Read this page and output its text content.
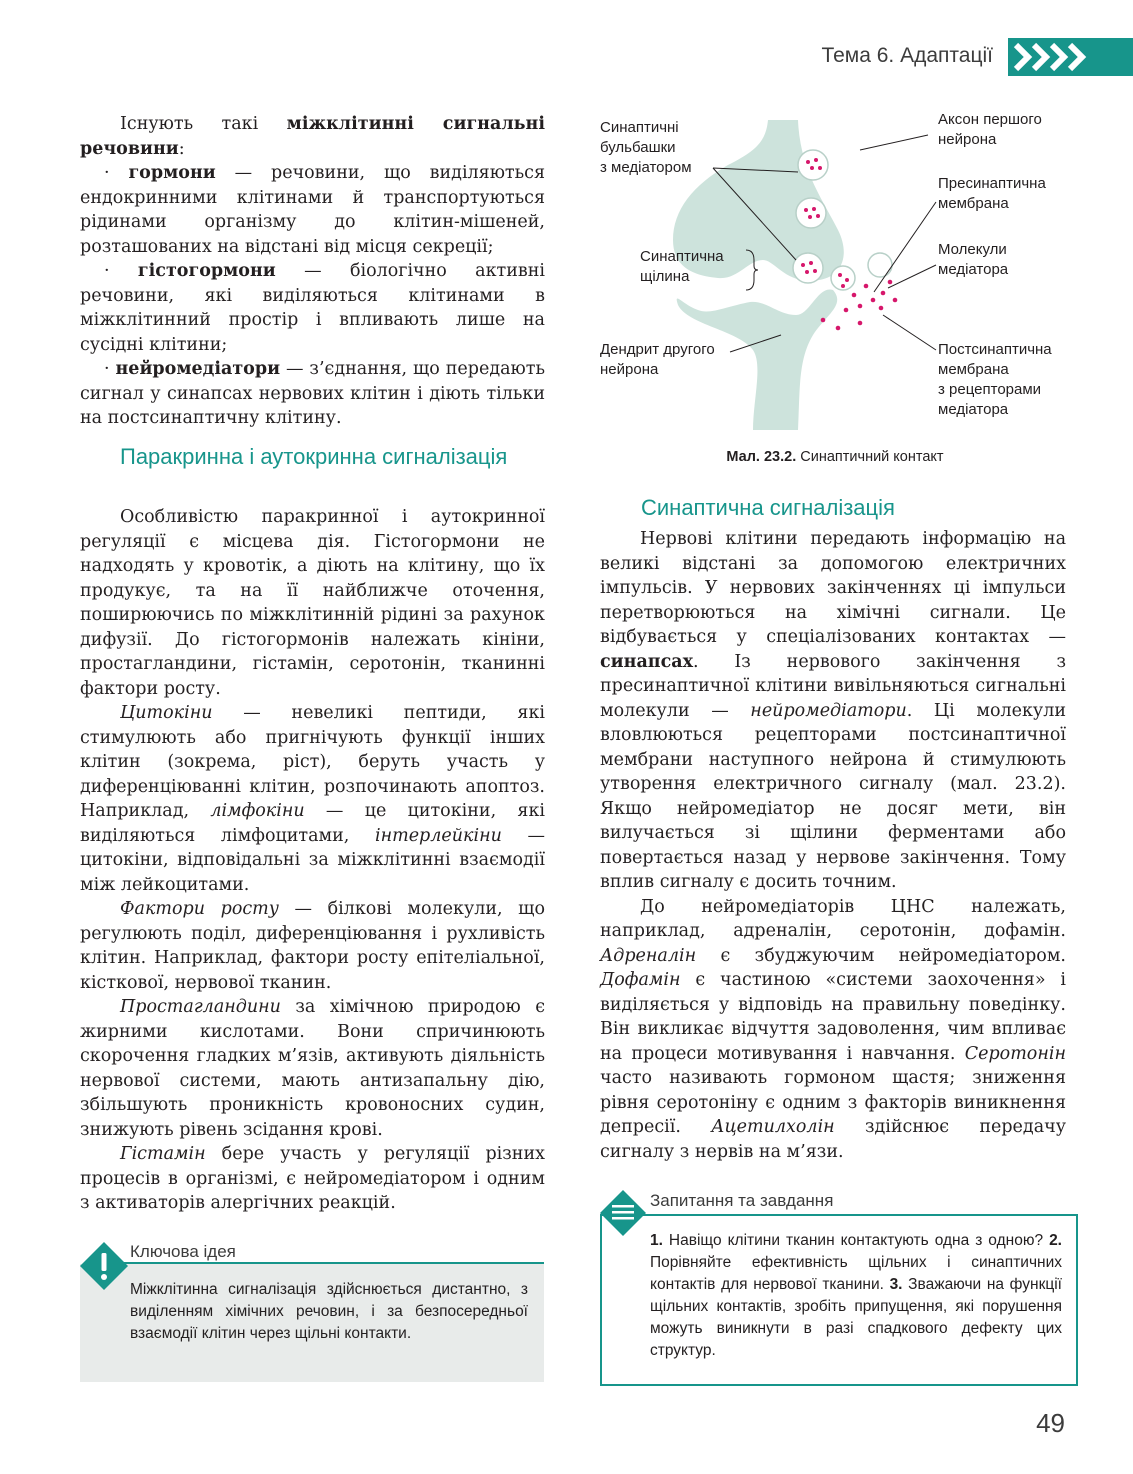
Тема 6. Адаптації

Існують такі міжклітинні сигнальні речовини:

· гормони — речовини, що виділяються ендокринними клітинами й транспортуються рідинами організму до клітин-мішеней, розташованих на відстані від місця секреції;

· гістогормони — біологічно активні речовини, які виділяються клітинами в міжклітинний простір і впливають лише на сусідні клітини;

· нейромедіатори — з’єднання, що передають сигнал у синапсах нервових клітин і діють тільки на постсинаптичну клітину.

Паракринна і аутокринна сигналізація

Особливістю паракринної і аутокринної регуляції є місцева дія. Гістогормони не надходять у кровотік, а діють на клітину, що їх продукує, та на її найближче оточення, поширюючись по міжклітинній рідині за рахунок дифузії. До гістогормонів належать кініни, простагландини, гістамін, серотонін, тканинні фактори росту.

Цитокіни — невеликі пептиди, які стимулюють або пригнічують функції інших клітин (зокрема, ріст), беруть участь у диференціюванні клітин, розпочинають апоптоз. Наприклад, лімфокіни — це цитокіни, які виділяються лімфоцитами, інтерлейкіни — цитокіни, відповідальні за міжклітинні взаємодії між лейкоцитами.

Фактори росту — білкові молекули, що регулюють поділ, диференціювання і рухливість клітин. Наприклад, фактори росту епітеліальної, кісткової, нервової тканин.

Простагландини за хімічною природою є жирними кислотами. Вони спричинюють скорочення гладких м’язів, активують діяльність нервової системи, мають антизапальну дію, збільшують проникність кровоносних судин, знижують рівень зсідання крові.

Гістамін бере участь у регуляції різних процесів в організмі, є нейромедіатором і одним з активаторів алергічних реакцій.

Синаптичні
бульбашки
з медіатором
Синаптична
щілина
Дендрит другого
нейрона
Аксон першого
нейрона
Пресинаптична
мембрана
Молекули
медіатора
Постсинаптична
мембрана
з рецепторами
медіатора
Мал. 23.2. Синаптичний контакт
Синаптична сигналізація

Нервові клітини передають інформацію на великі відстані за допомогою електричних імпульсів. У нервових закінченнях ці імпульси перетворюються на хімічні сигнали. Це відбувається у спеціалізованих контактах — синапсах. Із нервового закінчення з пресинаптичної клітини вивільняються сигнальні молекули — нейромедіатори. Ці молекули вловлюються рецепторами постсинаптичної мембрани наступного нейрона й стимулюють утворення електричного сигналу (мал. 23.2). Якщо нейромедіатор не досяг мети, він вилучається зі щілини ферментами або повертається назад у нервове закінчення. Тому вплив сигналу є досить точним.

До нейромедіаторів ЦНС належать, наприклад, адреналін, серотонін, дофамін. Адреналін є збуджуючим нейромедіатором. Дофамін є частиною «системи заохочення» і виділяється у відповідь на правильну поведінку. Він викликає відчуття задоволення, чим впливає на процеси мотивування і навчання. Серотонін часто називають гормоном щастя; зниження рівня серотоніну є одним з факторів виникнення депресії. Ацетилхолін здійснює передачу сигналу з нервів на м’язи.

Ключова ідея
Міжклітинна сигналізація здійснюється дистантно, з виділенням хімічних речовин, і за безпосередньої взаємодії клітин через щільні контакти.
Запитання та завдання
1. Навіщо клітини тканин контактують одна з одною? 2. Порівняйте ефективність щільних і синаптичних контактів для нервової тканини. 3. Зважаючи на функції щільних контактів, зробіть припущення, які порушення можуть виникнути в разі спадкового дефекту цих структур.
49
